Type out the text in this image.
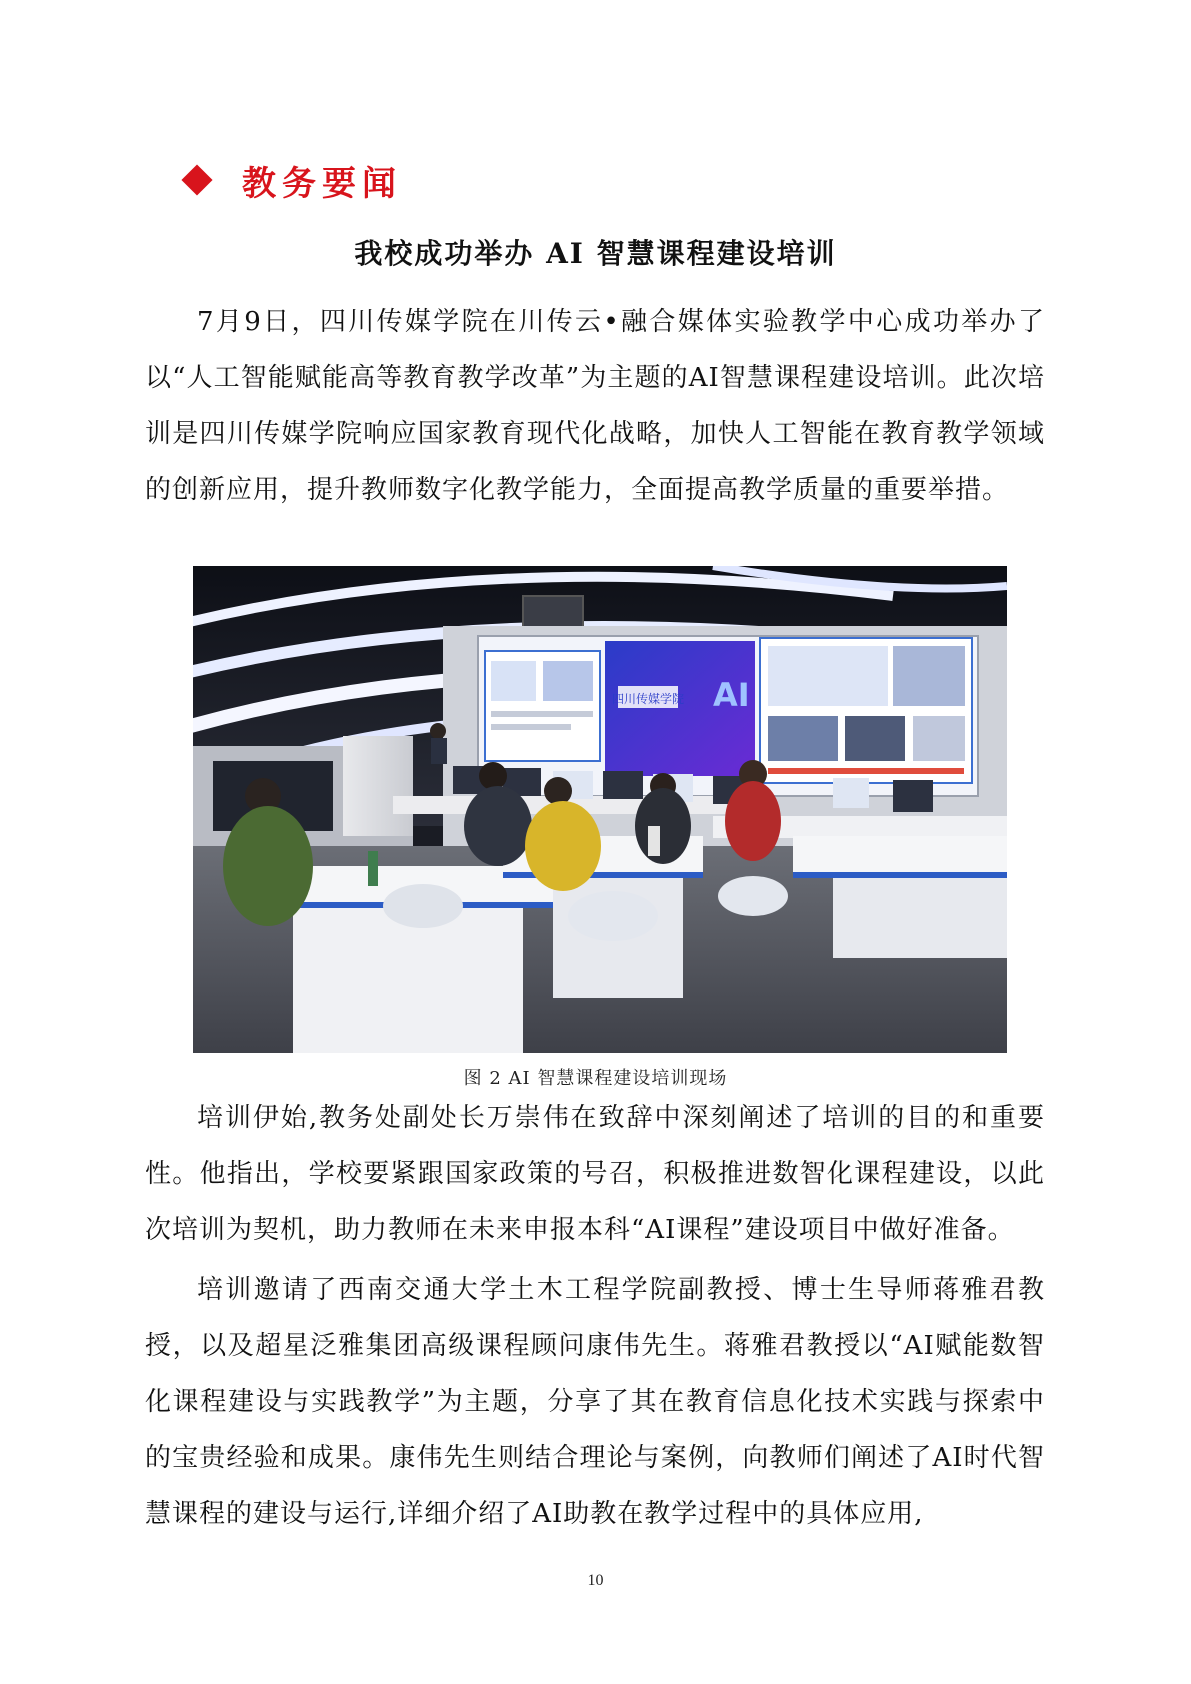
教务要闻
我校成功举办 AI 智慧课程建设培训

7月9日，四川传媒学院在川传云•融合媒体实验教学中心成功举办了以“人工智能赋能高等教育教学改革”为主题的AI智慧课程建设培训。此次培训是四川传媒学院响应国家教育现代化战略，加快人工智能在教育教学领域的创新应用，提升教师数字化教学能力，全面提高教学质量的重要举措。

四川传媒学院 AI
图 2 AI 智慧课程建设培训现场

培训伊始,教务处副处长万崇伟在致辞中深刻阐述了培训的目的和重要性。他指出，学校要紧跟国家政策的号召，积极推进数智化课程建设，以此次培训为契机，助力教师在未来申报本科“AI课程”建设项目中做好准备。

培训邀请了西南交通大学土木工程学院副教授、博士生导师蒋雅君教授，以及超星泛雅集团高级课程顾问康伟先生。蒋雅君教授以“AI赋能数智化课程建设与实践教学”为主题，分享了其在教育信息化技术实践与探索中的宝贵经验和成果。康伟先生则结合理论与案例，向教师们阐述了AI时代智慧课程的建设与运行,详细介绍了AI助教在教学过程中的具体应用,

10
